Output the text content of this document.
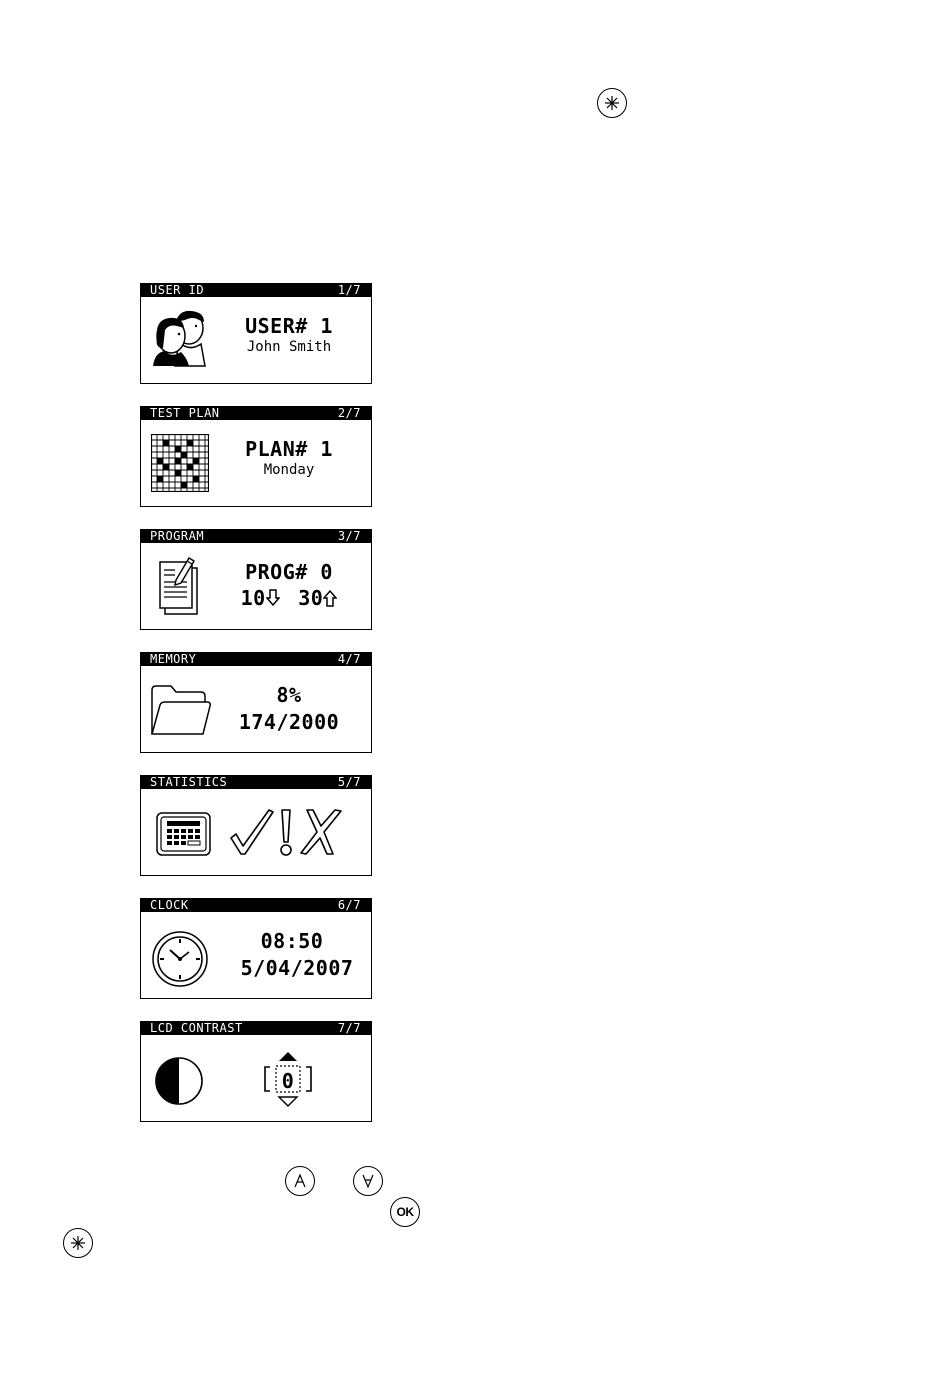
USER ID	1/7
USER# 1
John Smith
TEST PLAN	2/7
PLAN# 1
Monday
PROGRAM	3/7
PROG# 0
10 30
MEMORY	4/7
8%
174/2000
STATISTICS	5/7
CLOCK	6/7
08:50
5/04/2007
LCD CONTRAST	7/7
0
OK
